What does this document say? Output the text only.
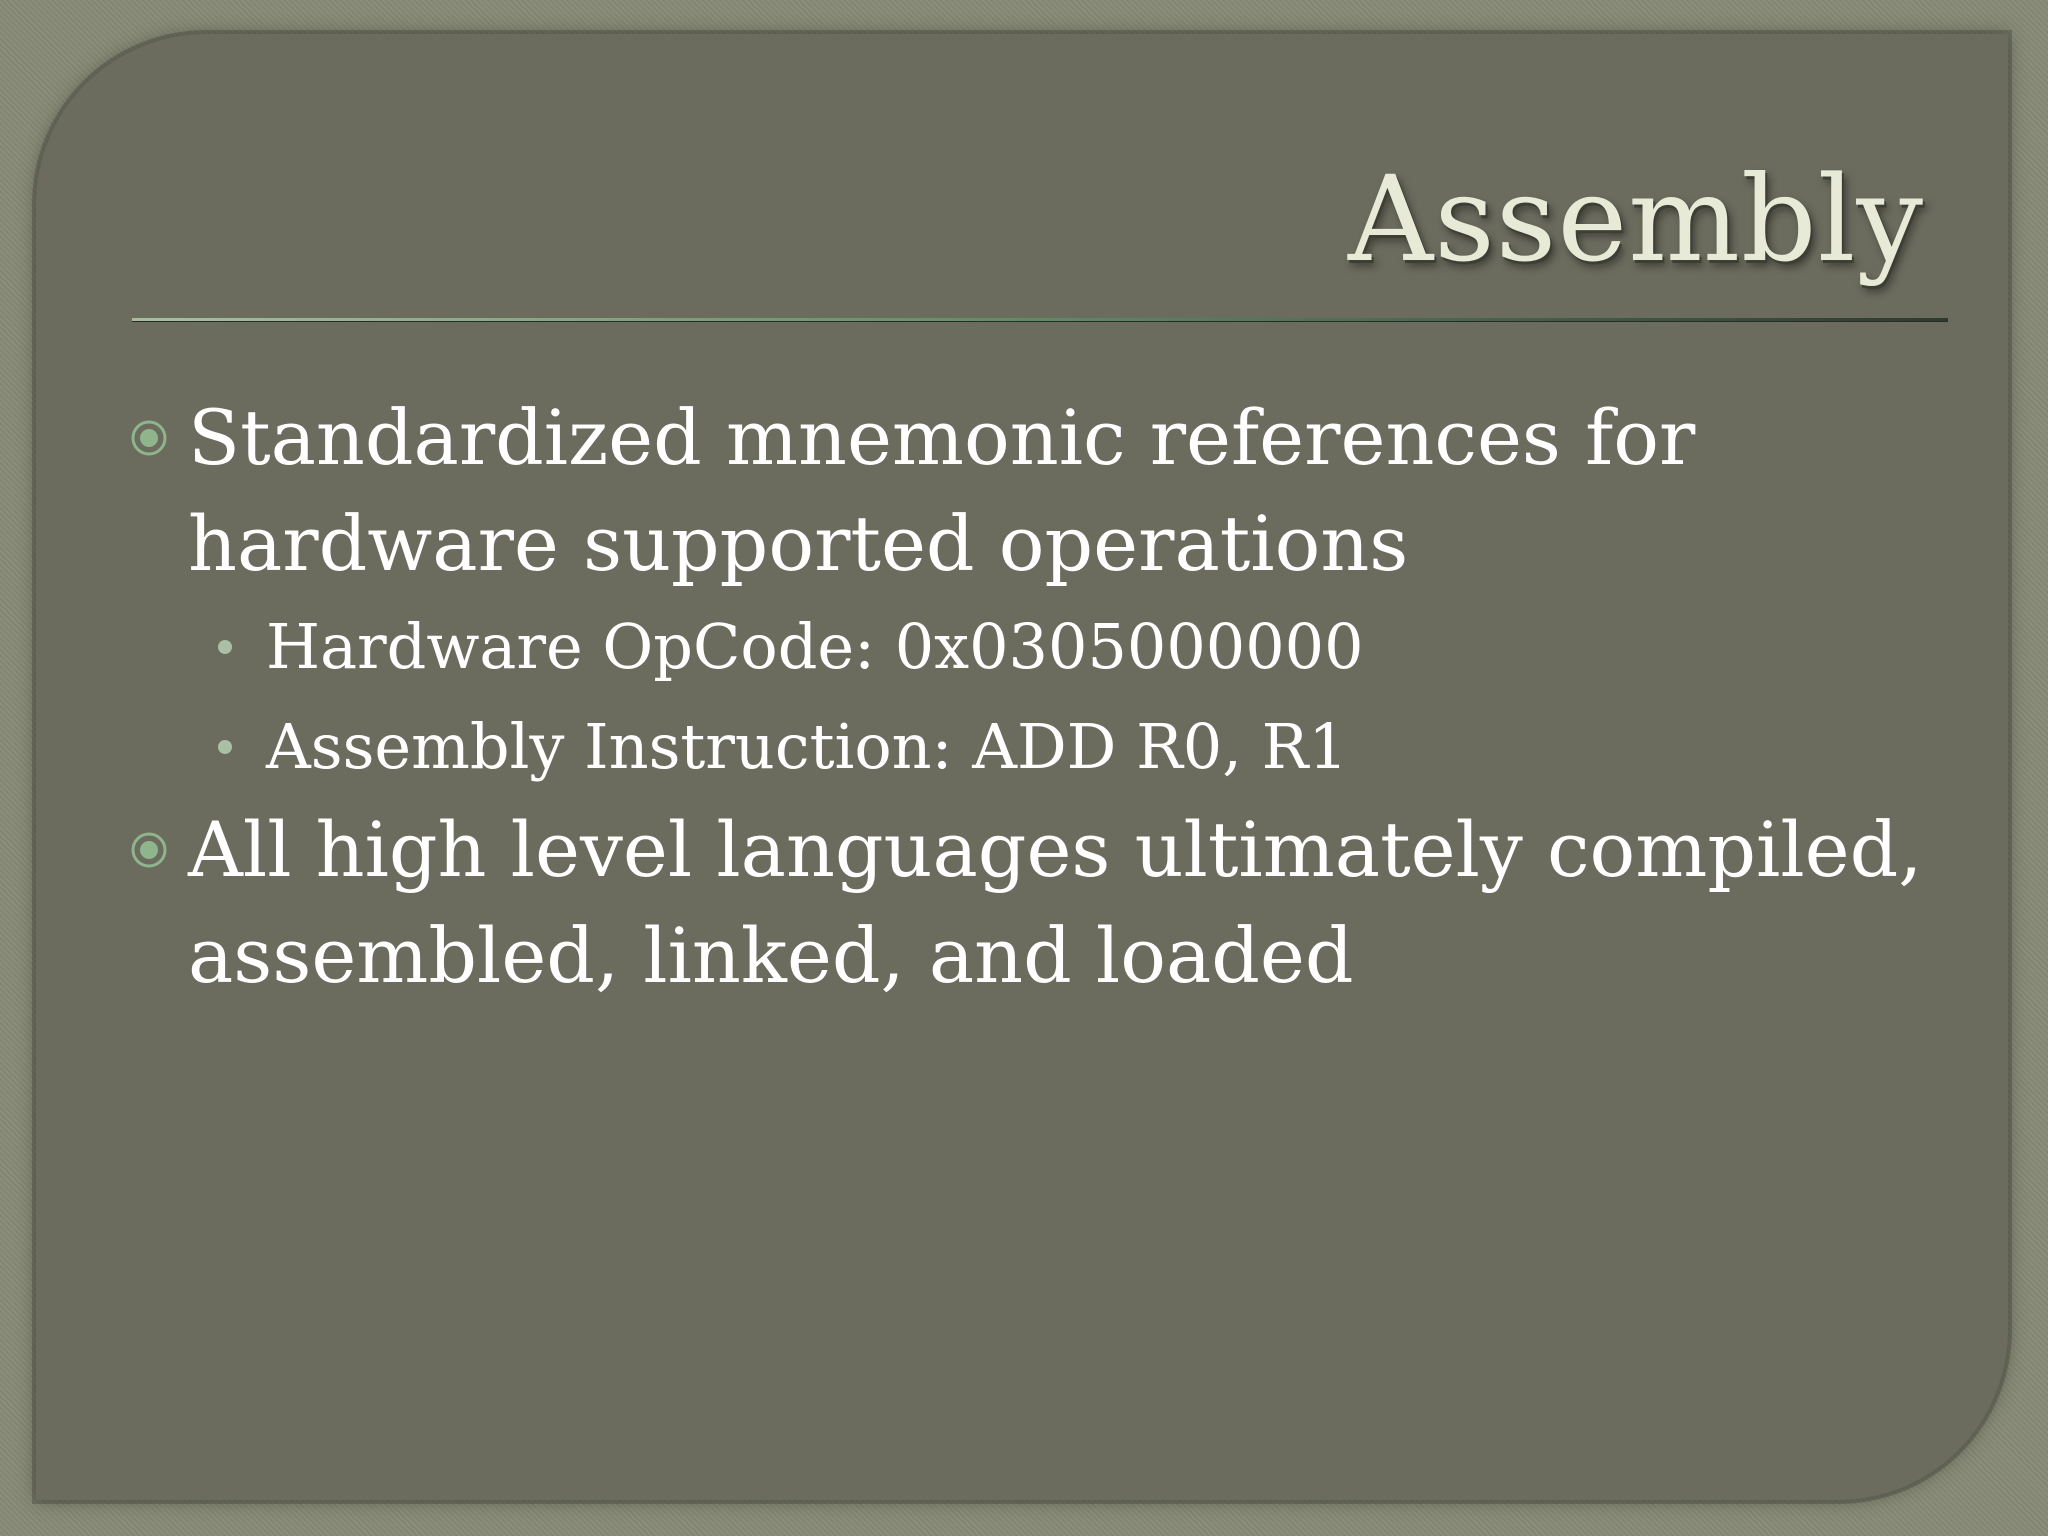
Assembly
Standardized mnemonic references for hardware supported operations
Hardware OpCode: 0x0305000000
Assembly Instruction: ADD R0, R1
All high level languages ultimately compiled, assembled, linked, and loaded
